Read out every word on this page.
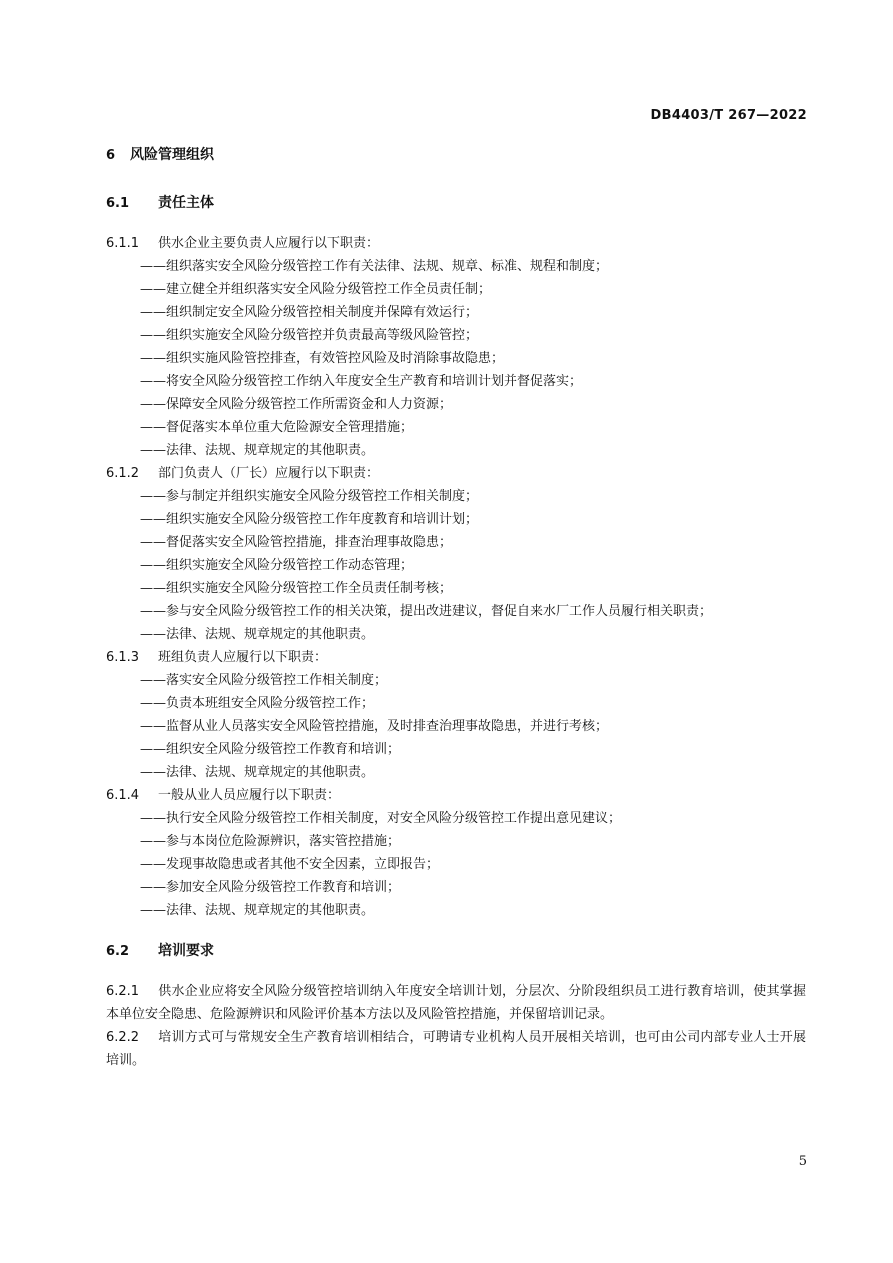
DB4403/T 267—2022
6 风险管理组织
6.1 责任主体
6.1.1 供水企业主要负责人应履行以下职责：
——组织落实安全风险分级管控工作有关法律、法规、规章、标准、规程和制度；
——建立健全并组织落实安全风险分级管控工作全员责任制；
——组织制定安全风险分级管控相关制度并保障有效运行；
——组织实施安全风险分级管控并负责最高等级风险管控；
——组织实施风险管控排查，有效管控风险及时消除事故隐患；
——将安全风险分级管控工作纳入年度安全生产教育和培训计划并督促落实；
——保障安全风险分级管控工作所需资金和人力资源；
——督促落实本单位重大危险源安全管理措施；
——法律、法规、规章规定的其他职责。
6.1.2 部门负责人（厂长）应履行以下职责：
——参与制定并组织实施安全风险分级管控工作相关制度；
——组织实施安全风险分级管控工作年度教育和培训计划；
——督促落实安全风险管控措施，排查治理事故隐患；
——组织实施安全风险分级管控工作动态管理；
——组织实施安全风险分级管控工作全员责任制考核；
——参与安全风险分级管控工作的相关决策，提出改进建议，督促自来水厂工作人员履行相关职责；
——法律、法规、规章规定的其他职责。
6.1.3 班组负责人应履行以下职责：
——落实安全风险分级管控工作相关制度；
——负责本班组安全风险分级管控工作；
——监督从业人员落实安全风险管控措施，及时排查治理事故隐患，并进行考核；
——组织安全风险分级管控工作教育和培训；
——法律、法规、规章规定的其他职责。
6.1.4 一般从业人员应履行以下职责：
——执行安全风险分级管控工作相关制度，对安全风险分级管控工作提出意见建议；
——参与本岗位危险源辨识，落实管控措施；
——发现事故隐患或者其他不安全因素，立即报告；
——参加安全风险分级管控工作教育和培训；
——法律、法规、规章规定的其他职责。
6.2 培训要求
6.2.1 供水企业应将安全风险分级管控培训纳入年度安全培训计划，分层次、分阶段组织员工进行教育培训，使其掌握本单位安全隐患、危险源辨识和风险评价基本方法以及风险管控措施，并保留培训记录。
6.2.2 培训方式可与常规安全生产教育培训相结合，可聘请专业机构人员开展相关培训，也可由公司内部专业人士开展培训。
5
